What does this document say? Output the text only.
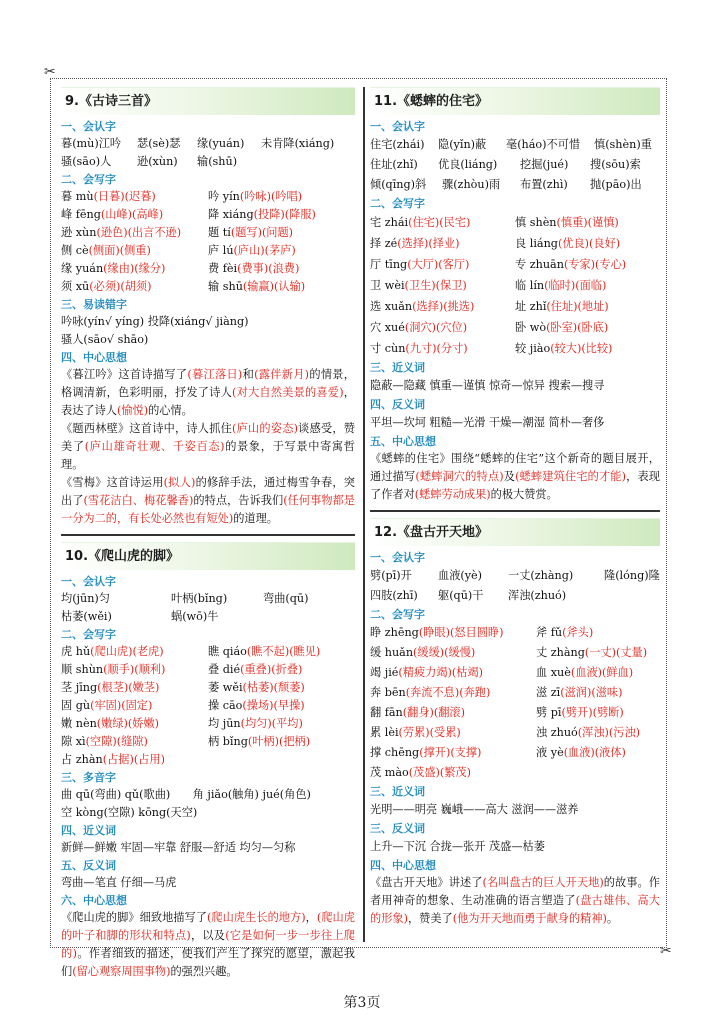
✂
✂
9.《古诗三首》
一、会认字
暮(mù)江吟	瑟(sè)瑟	缘(yuán)	未肯降(xiáng)
骚(sāo)人	逊(xùn)	输(shū)
二、会写字
暮 mù(日暮)(迟暮)	吟 yín(吟咏)(吟唱)
峰 fēng(山峰)(高峰)	降 xiáng(投降)(降服)
逊 xùn(逊色)(出言不逊)	题 tí(题写)(问题)
侧 cè(侧面)(侧重)	庐 lú(庐山)(茅庐)
缘 yuán(缘由)(缘分)	费 fèi(费事)(浪费)
须 xū(必须)(胡须)	输 shū(输赢)(认输)
三、易读错字
吟咏(yín√ yíng) 投降(xiáng√ jiàng)
骚人(sāo√ shāo)
四、中心思想
《暮江吟》这首诗描写了(暮江落日)和(露伴新月)的情景，格调清新，色彩明丽，抒发了诗人(对大自然美景的喜爱)，表达了诗人(愉悦)的心情。
《题西林壁》这首诗中，诗人抓住(庐山的姿态)谈感受，赞美了(庐山雄奇壮观、千姿百态)的景象，于写景中寄寓哲理。
《雪梅》这首诗运用(拟人)的修辞手法，通过梅雪争春，突出了(雪花洁白、梅花馨香)的特点，告诉我们(任何事物都是一分为二的，有长处必然也有短处)的道理。
10.《爬山虎的脚》
一、会认字
均(jūn)匀	叶柄(bǐng)	弯曲(qū)
枯萎(wěi)	蜗(wō)牛
二、会写字
虎 hǔ(爬山虎)(老虎)	瞧 qiáo(瞧不起)(瞧见)
顺 shùn(顺手)(顺利)	叠 dié(重叠)(折叠)
茎 jīng(根茎)(嫩茎)	萎 wěi(枯萎)(颓萎)
固 gù(牢固)(固定)	操 cāo(操场)(早操)
嫩 nèn(嫩绿)(娇嫩)	均 jūn(均匀)(平均)
隙 xì(空隙)(缝隙)	柄 bǐng(叶柄)(把柄)
占 zhàn(占据)(占用)
三、多音字
曲 qū(弯曲) qǔ(歌曲)　　角 jiǎo(触角) jué(角色)
空 kòng(空隙) kōng(天空)
四、近义词
新鲜—鲜嫩 牢固—牢靠 舒服—舒适 均匀—匀称
五、反义词
弯曲—笔直 仔细—马虎
六、中心思想
《爬山虎的脚》细致地描写了(爬山虎生长的地方)，(爬山虎的叶子和脚的形状和特点)，以及(它是如何一步一步往上爬的)。作者细致的描述，使我们产生了探究的愿望，激起我们(留心观察周围事物)的强烈兴趣。
11.《蟋蟀的住宅》
一、会认字
住宅(zhái)	隐(yǐn)蔽	毫(háo)不可惜	慎(shèn)重
住址(zhǐ)	优良(liáng)	挖掘(jué)	搜(sōu)索
倾(qīng)斜	骤(zhòu)雨	布置(zhì)	抛(pāo)出
二、会写字
宅 zhái(住宅)(民宅)	慎 shèn(慎重)(谨慎)
择 zé(选择)(择业)	良 liáng(优良)(良好)
厅 tīng(大厅)(客厅)	专 zhuān(专家)(专心)
卫 wèi(卫生)(保卫)	临 lín(临时)(面临)
选 xuǎn(选择)(挑选)	址 zhǐ(住址)(地址)
穴 xué(洞穴)(穴位)	卧 wò(卧室)(卧底)
寸 cùn(九寸)(分寸)	较 jiào(较大)(比较)
三、近义词
隐蔽—隐藏 慎重—谨慎 惊奇—惊异 搜索—搜寻
四、反义词
平坦—坎坷 粗糙—光滑 干燥—潮湿 简朴—奢侈
五、中心思想
《蟋蟀的住宅》围绕“蟋蟀的住宅”这个新奇的题目展开，通过描写(蟋蟀洞穴的特点)及(蟋蟀建筑住宅的才能)，表现了作者对(蟋蟀劳动成果)的极大赞赏。
12.《盘古开天地》
一、会认字
劈(pī)开	血液(yè)	一丈(zhàng)	隆(lóng)隆
四肢(zhī)	躯(qū)干	浑浊(zhuó)
二、会写字
睁 zhēng(睁眼)(怒目圆睁)	斧 fǔ(斧头)
缓 huǎn(缓缓)(缓慢)	丈 zhàng(一丈)(丈量)
竭 jié(精疲力竭)(枯竭)	血 xuè(血液)(鲜血)
奔 bēn(奔流不息)(奔跑)	滋 zī(滋润)(滋味)
翻 fān(翻身)(翻滚)	劈 pī(劈开)(劈断)
累 lèi(劳累)(受累)	浊 zhuó(浑浊)(污浊)
撑 chēng(撑开)(支撑)	液 yè(血液)(液体)
茂 mào(茂盛)(繁茂)
三、近义词
光明——明亮 巍峨——高大 滋润——滋养
三、反义词
上升—下沉 合拢—张开 茂盛—枯萎
四、中心思想
《盘古开天地》讲述了(名叫盘古的巨人开天地)的故事。作者用神奇的想象、生动准确的语言塑造了(盘古雄伟、高大的形象)，赞美了(他为开天地而勇于献身的精神)。
第3页
